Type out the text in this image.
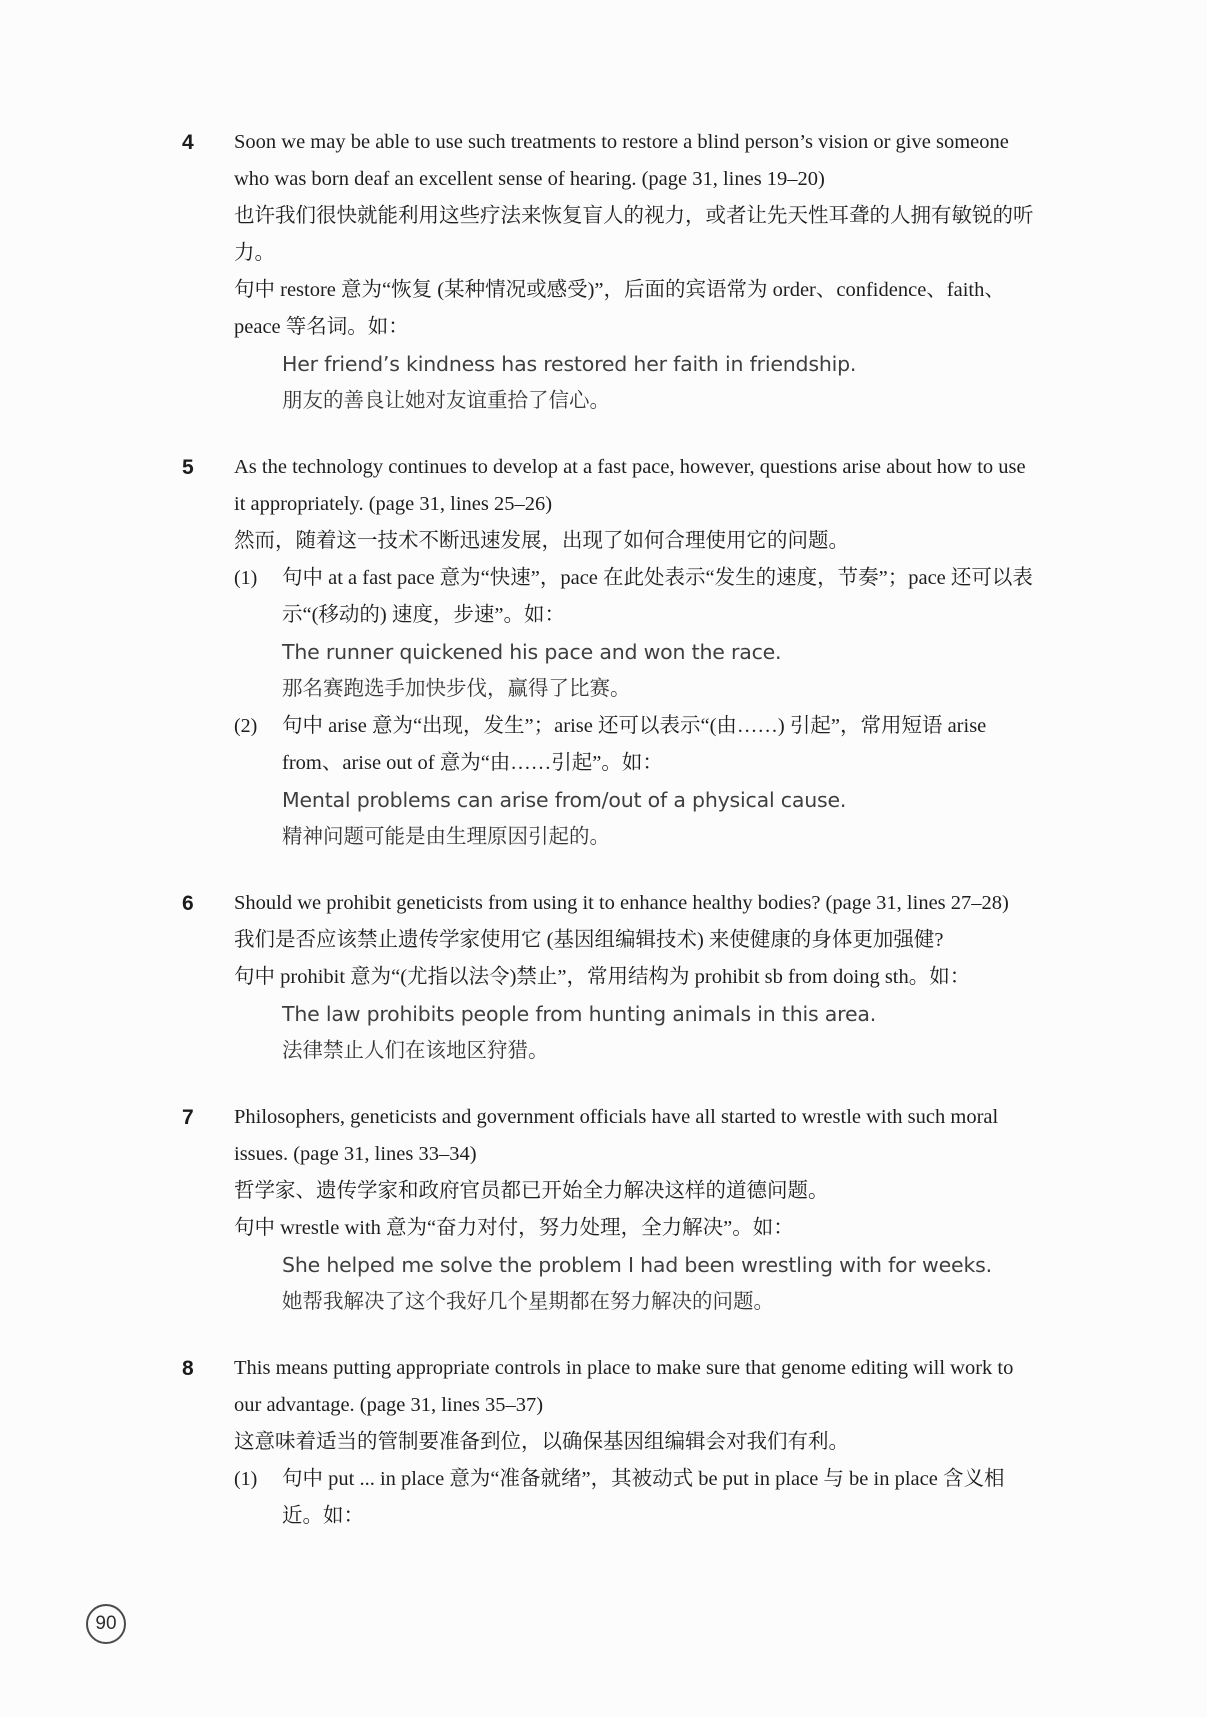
4	Soon we may be able to use such treatments to restore a blind person’s vision or give someone who was born deaf an excellent sense of hearing. (page 31, lines 19–20)

也许我们很快就能利用这些疗法来恢复盲人的视力，或者让先天性耳聋的人拥有敏锐的听力。

句中 restore 意为“恢复 (某种情况或感受)”，后面的宾语常为 order、confidence、faith、peace 等名词。如：

Her friend’s kindness has restored her faith in friendship.

朋友的善良让她对友谊重拾了信心。

5	As the technology continues to develop at a fast pace, however, questions arise about how to use it appropriately. (page 31, lines 25–26)

然而，随着这一技术不断迅速发展，出现了如何合理使用它的问题。

(1)	句中 at a fast pace 意为“快速”，pace 在此处表示“发生的速度，节奏”；pace 还可以表示“(移动的) 速度，步速”。如：

The runner quickened his pace and won the race.

那名赛跑选手加快步伐，赢得了比赛。

(2)	句中 arise 意为“出现，发生”；arise 还可以表示“(由……) 引起”，常用短语 arise from、arise out of 意为“由……引起”。如：

Mental problems can arise from/out of a physical cause.

精神问题可能是由生理原因引起的。

6	Should we prohibit geneticists from using it to enhance healthy bodies? (page 31, lines 27–28)

我们是否应该禁止遗传学家使用它 (基因组编辑技术) 来使健康的身体更加强健?

句中 prohibit 意为“(尤指以法令)禁止”，常用结构为 prohibit sb from doing sth。如：

The law prohibits people from hunting animals in this area.

法律禁止人们在该地区狩猎。

7	Philosophers, geneticists and government officials have all started to wrestle with such moral issues. (page 31, lines 33–34)

哲学家、遗传学家和政府官员都已开始全力解决这样的道德问题。

句中 wrestle with 意为“奋力对付，努力处理，全力解决”。如：

She helped me solve the problem I had been wrestling with for weeks.

她帮我解决了这个我好几个星期都在努力解决的问题。

8	This means putting appropriate controls in place to make sure that genome editing will work to our advantage. (page 31, lines 35–37)

这意味着适当的管制要准备到位，以确保基因组编辑会对我们有利。

(1)	句中 put ... in place 意为“准备就绪”，其被动式 be put in place 与 be in place 含义相近。如：

90
